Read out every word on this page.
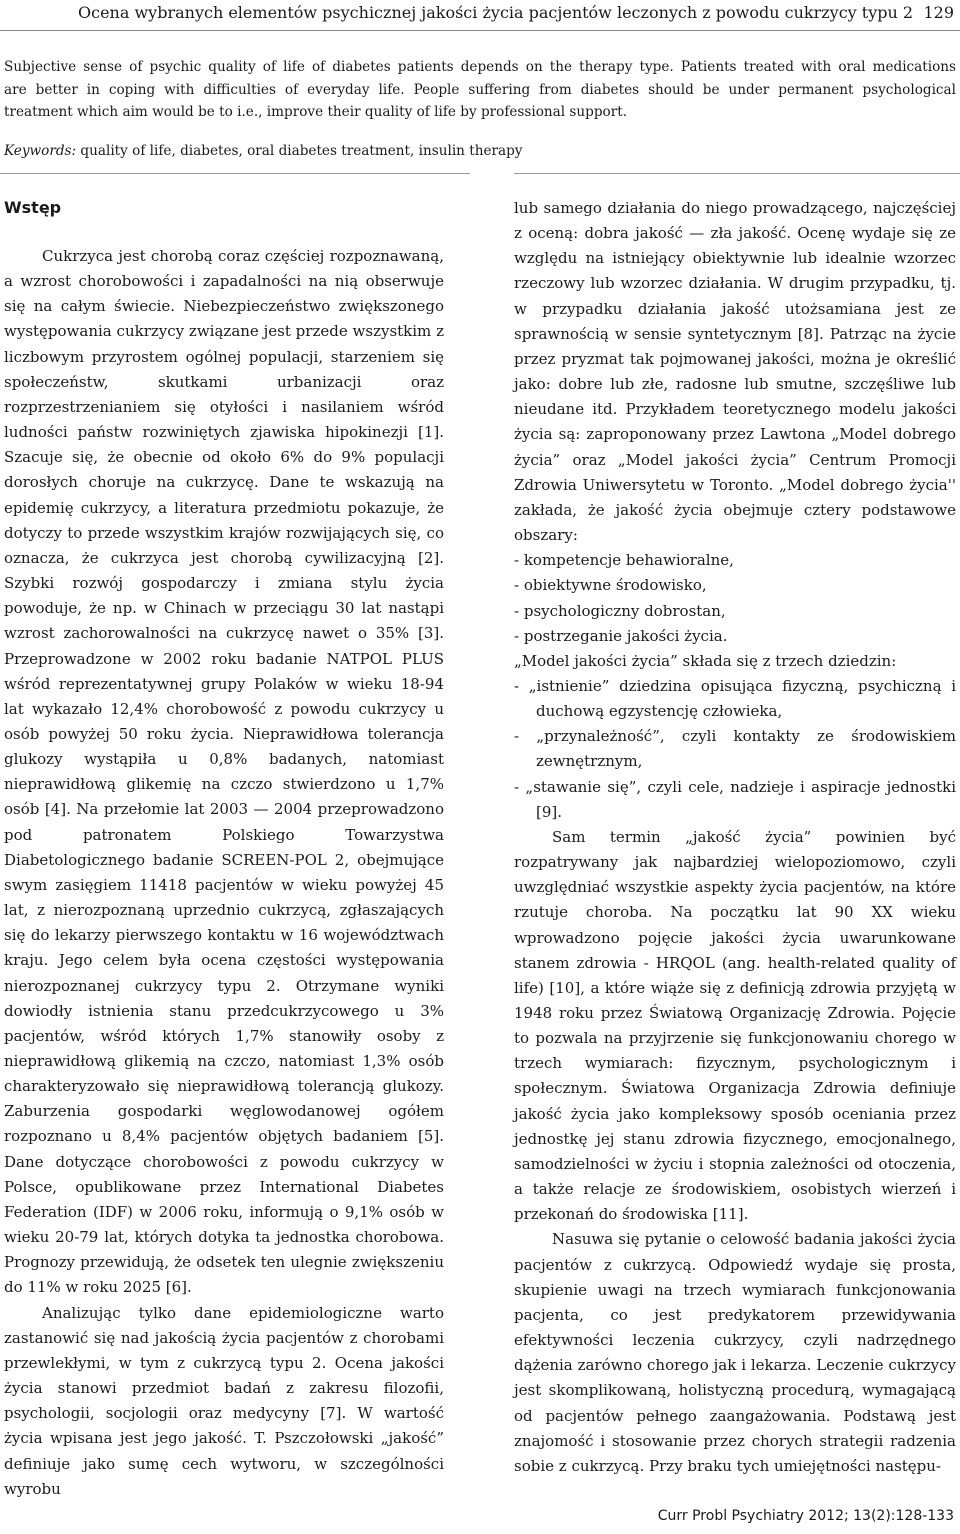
Ocena wybranych elementów psychicznej jakości życia pacjentów leczonych z powodu cukrzycy typu 2 129
Subjective sense of psychic quality of life of diabetes patients depends on the therapy type. Patients treated with oral medications
are better in coping with difficulties of everyday life. People suffering from diabetes should be under permanent psychological
treatment which aim would be to i.e., improve their quality of life by professional support.
Keywords: quality of life, diabetes, oral diabetes treatment, insulin therapy
Wstęp

Cukrzyca jest chorobą coraz częściej rozpoznawaną, a wzrost chorobowości i zapadalności na nią obserwuje się na całym świecie. Niebezpieczeństwo zwiększonego występowania cukrzycy związane jest przede wszystkim z liczbowym przyrostem ogólnej populacji, starzeniem się społeczeństw, skutkami urbanizacji oraz rozprzestrzenianiem się otyłości i nasilaniem wśród ludności państw rozwiniętych zjawiska hipokinezji [1]. Szacuje się, że obecnie od około 6% do 9% populacji dorosłych choruje na cukrzycę. Dane te wskazują na epidemię cukrzycy, a literatura przedmiotu pokazuje, że dotyczy to przede wszystkim krajów rozwijających się, co oznacza, że cukrzyca jest chorobą cywilizacyjną [2]. Szybki rozwój gospodarczy i zmiana stylu życia powoduje, że np. w Chinach w przeciągu 30 lat nastąpi wzrost zachorowalności na cukrzycę nawet o 35% [3]. Przeprowadzone w 2002 roku badanie NATPOL PLUS wśród reprezentatywnej grupy Polaków w wieku 18-94 lat wykazało 12,4% chorobowość z powodu cukrzycy u osób powyżej 50 roku życia. Nieprawidłowa tolerancja glukozy wystąpiła u 0,8% badanych, natomiast nieprawidłową glikemię na czczo stwierdzono u 1,7% osób [4]. Na przełomie lat 2003 — 2004 przeprowadzono pod patronatem Polskiego Towarzystwa Diabetologicznego badanie SCREEN-POL 2, obejmujące swym zasięgiem 11418 pacjentów w wieku powyżej 45 lat, z nierozpoznaną uprzednio cukrzycą, zgłaszających się do lekarzy pierwszego kontaktu w 16 województwach kraju. Jego celem była ocena częstości występowania nierozpoznanej cukrzycy typu 2. Otrzymane wyniki dowiodły istnienia stanu przedcukrzycowego u 3% pacjentów, wśród których 1,7% stanowiły osoby z nieprawidłową glikemią na czczo, natomiast 1,3% osób charakteryzowało się nieprawidłową tolerancją glukozy. Zaburzenia gospodarki węglowodanowej ogółem rozpoznano u 8,4% pacjentów objętych badaniem [5]. Dane dotyczące chorobowości z powodu cukrzycy w Polsce, opublikowane przez International Diabetes Federation (IDF) w 2006 roku, informują o 9,1% osób w wieku 20-79 lat, których dotyka ta jednostka chorobowa. Prognozy przewidują, że odsetek ten ulegnie zwiększeniu do 11% w roku 2025 [6].

Analizując tylko dane epidemiologiczne warto zastanowić się nad jakością życia pacjentów z chorobami przewlekłymi, w tym z cukrzycą typu 2. Ocena jakości życia stanowi przedmiot badań z zakresu filozofii, psychologii, socjologii oraz medycyny [7]. W wartość życia wpisana jest jego jakość. T. Pszczołowski „jakość” definiuje jako sumę cech wytworu, w szczególności wyrobu

lub samego działania do niego prowadzącego, najczęściej z oceną: dobra jakość — zła jakość. Ocenę wydaje się ze względu na istniejący obiektywnie lub idealnie wzorzec rzeczowy lub wzorzec działania. W drugim przypadku, tj. w przypadku działania jakość utożsamiana jest ze sprawnością w sensie syntetycznym [8]. Patrząc na życie przez pryzmat tak pojmowanej jakości, można je określić jako: dobre lub złe, radosne lub smutne, szczęśliwe lub nieudane itd. Przykładem teoretycznego modelu jakości życia są: zaproponowany przez Lawtona „Model dobrego życia” oraz „Model jakości życia” Centrum Promocji Zdrowia Uniwersytetu w Toronto. „Model dobrego życia'' zakłada, że jakość życia obejmuje cztery podstawowe obszary:

- kompetencje behawioralne,

- obiektywne środowisko,

- psychologiczny dobrostan,

- postrzeganie jakości życia.

„Model jakości życia” składa się z trzech dziedzin:

- „istnienie” dziedzina opisująca fizyczną, psychiczną i duchową egzystencję człowieka,

- „przynależność”, czyli kontakty ze środowiskiem zewnętrznym,

- „stawanie się”, czyli cele, nadzieje i aspiracje jednostki [9].

Sam termin „jakość życia” powinien być rozpatrywany jak najbardziej wielopoziomowo, czyli uwzględniać wszystkie aspekty życia pacjentów, na które rzutuje choroba. Na początku lat 90 XX wieku wprowadzono pojęcie jakości życia uwarunkowane stanem zdrowia - HRQOL (ang. health-related quality of life) [10], a które wiąże się z definicją zdrowia przyjętą w 1948 roku przez Światową Organizację Zdrowia. Pojęcie to pozwala na przyjrzenie się funkcjonowaniu chorego w trzech wymiarach: fizycznym, psychologicznym i społecznym. Światowa Organizacja Zdrowia definiuje jakość życia jako kompleksowy sposób oceniania przez jednostkę jej stanu zdrowia fizycznego, emocjonalnego, samodzielności w życiu i stopnia zależności od otoczenia, a także relacje ze środowiskiem, osobistych wierzeń i przekonań do środowiska [11].

Nasuwa się pytanie o celowość badania jakości życia pacjentów z cukrzycą. Odpowiedź wydaje się prosta, skupienie uwagi na trzech wymiarach funkcjonowania pacjenta, co jest predykatorem przewidywania efektywności leczenia cukrzycy, czyli nadrzędnego dążenia zarówno chorego jak i lekarza. Leczenie cukrzycy jest skomplikowaną, holistyczną procedurą, wymagającą od pacjentów pełnego zaangażowania. Podstawą jest znajomość i stosowanie przez chorych strategii radzenia sobie z cukrzycą. Przy braku tych umiejętności następu-

Curr Probl Psychiatry 2012; 13(2):128-133
